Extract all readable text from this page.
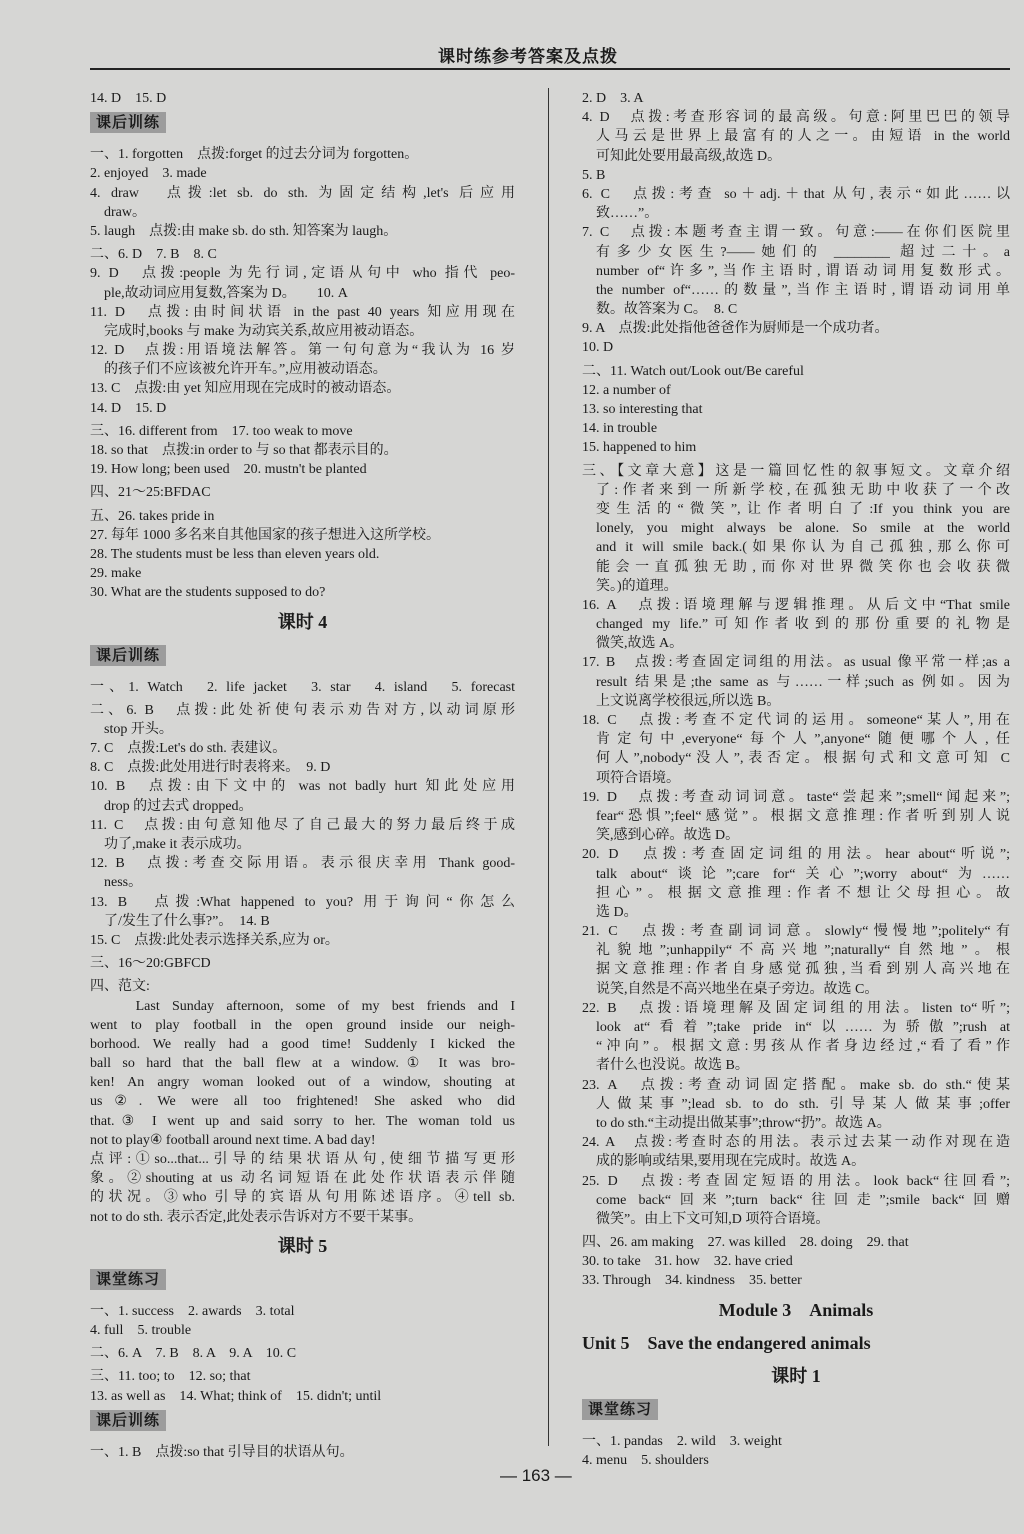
课时练参考答案及点拨
14. D　15. D
课后训练
一、1. forgotten　点拨:forget 的过去分词为 forgotten。
2. enjoyed　3. made
4. draw　点拨:let sb. do sth. 为固定结构,let's 后应用
draw。
5. laugh　点拨:由 make sb. do sth. 知答案为 laugh。
二、6. D　7. B　8. C
9. D　点拨:people 为先行词,定语从句中 who 指代 peo-
ple,故动词应用复数,答案为 D。　　10. A
11. D　点拨:由时间状语 in the past 40 years 知应用现在
完成时,books 与 make 为动宾关系,故应用被动语态。
12. D　点拨:用语境法解答。第一句句意为“我认为 16 岁
的孩子们不应该被允许开车。”,应用被动语态。
13. C　点拨:由 yet 知应用现在完成时的被动语态。
14. D　15. D
三、16. different from　17. too weak to move
18. so that　点拨:in order to 与 so that 都表示目的。
19. How long; been used　20. mustn't be planted
四、21～25:BFDAC
五、26. takes pride in
27. 每年 1000 多名来自其他国家的孩子想进入这所学校。
28. The students must be less than eleven years old.
29. make
30. What are the students supposed to do?
课时 4
课后训练
一、1. Watch　2. life jacket　3. star　4. island　5. forecast
二、6. B　点拨:此处祈使句表示劝告对方,以动词原形
stop 开头。
7. C　点拨:Let's do sth. 表建议。
8. C　点拨:此处用进行时表将来。　9. D
10. B　点拨:由下文中的 was not badly hurt 知此处应用
drop 的过去式 dropped。
11. C　点拨:由句意知他尽了自己最大的努力最后终于成
功了,make it 表示成功。
12. B　点拨:考查交际用语。表示很庆幸用 Thank good-
ness。
13. B　点拨:What happened to you? 用于询问“你怎么
了/发生了什么事?”。　14. B
15. C　点拨:此处表示选择关系,应为 or。
三、16～20:GBFCD
四、范文:
　　Last Sunday afternoon, some of my best friends and I
went to play football in the open ground inside our neigh-
borhood. We really had a good time! Suddenly I kicked the
ball so hard that the ball flew at a window.① It was bro-
ken! An angry woman looked out of a window, shouting at
us②. We were all too frightened! She asked who did
that.③ I went up and said sorry to her. The woman told us
not to play④ football around next time. A bad day!
点评:①so...that...引导的结果状语从句,使细节描写更形
象。②shouting at us 动名词短语在此处作状语表示伴随
的状况。③who 引导的宾语从句用陈述语序。④tell sb.
not to do sth. 表示否定,此处表示告诉对方不要干某事。
课时 5
课堂练习
一、1. success　2. awards　3. total
4. full　5. trouble
二、6. A　7. B　8. A　9. A　10. C
三、11. too; to　12. so; that
13. as well as　14. What; think of　15. didn't; until
课后训练
一、1. B　点拨:so that 引导目的状语从句。
2. D　3. A
4. D　点拨:考查形容词的最高级。句意:阿里巴巴的领导
人马云是世界上最富有的人之一。由短语 in the world
可知此处要用最高级,故选 D。
5. B
6. C　点拨:考查 so＋adj.＋that 从句,表示“如此……以
致……”。
7. C　点拨:本题考查主谓一致。句意:——在你们医院里
有多少女医生?——她们的 ________ 超过二十。a
number of“许多”,当作主语时,谓语动词用复数形式。
the number of“……的数量”,当作主语时,谓语动词用单
数。故答案为 C。　8. C
9. A　点拨:此处指他爸爸作为厨师是一个成功者。
10. D
二、11. Watch out/Look out/Be careful
12. a number of
13. so interesting that
14. in trouble
15. happened to him
三、【文章大意】这是一篇回忆性的叙事短文。文章介绍
了:作者来到一所新学校,在孤独无助中收获了一个改
变生活的“微笑”,让作者明白了:If you think you are
lonely, you might always be alone. So smile at the world
and it will smile back.(如果你认为自己孤独,那么你可
能会一直孤独无助,而你对世界微笑你也会收获微
笑。)的道理。
16. A　点拨:语境理解与逻辑推理。从后文中“That smile
changed my life.”可知作者收到的那份重要的礼物是
微笑,故选 A。
17. B　点拨:考查固定词组的用法。as usual 像平常一样;as a
result 结果是;the same as 与……一样;such as 例如。因为
上文说离学校很远,所以选 B。
18. C　点拨:考查不定代词的运用。someone“某人”,用在
肯定句中,everyone“每个人”,anyone“随便哪个人,任
何人”,nobody“没人”,表否定。根据句式和文意可知 C
项符合语境。
19. D　点拨:考查动词词意。taste“尝起来”;smell“闻起来”;
fear“恐惧”;feel“感觉”。根据文意推理:作者听到别人说
笑,感到心碎。故选 D。
20. D　点拨:考查固定词组的用法。hear about“听说”;
talk about“谈论”;care for“关心”;worry about“为……
担心”。根据文意推理:作者不想让父母担心。故
选 D。
21. C　点拨:考查副词词意。slowly“慢慢地”;politely“有
礼貌地”;unhappily“不高兴地”;naturally“自然地”。根
据文意推理:作者自身感觉孤独,当看到别人高兴地在
说笑,自然是不高兴地坐在桌子旁边。故选 C。
22. B　点拨:语境理解及固定词组的用法。listen to“听”;
look at“看着”;take pride in“以……为骄傲”;rush at
“冲向”。根据文意:男孩从作者身边经过,“看了看”作
者什么也没说。故选 B。
23. A　点拨:考查动词固定搭配。make sb. do sth.“使某
人做某事”;lead sb. to do sth. 引导某人做某事;offer
to do sth.“主动提出做某事”;throw“扔”。故选 A。
24. A　点拨:考查时态的用法。表示过去某一动作对现在造
成的影响或结果,要用现在完成时。故选 A。
25. D　点拨:考查固定短语的用法。look back“往回看”;
come back“回来”;turn back“往回走”;smile back“回赠
微笑”。由上下文可知,D 项符合语境。
四、26. am making　27. was killed　28. doing　29. that
30. to take　31. how　32. have cried
33. Through　34. kindness　35. better
Module 3　Animals
Unit 5　Save the endangered animals
课时 1
课堂练习
一、1. pandas　2. wild　3. weight
4. menu　5. shoulders
— 163 —
